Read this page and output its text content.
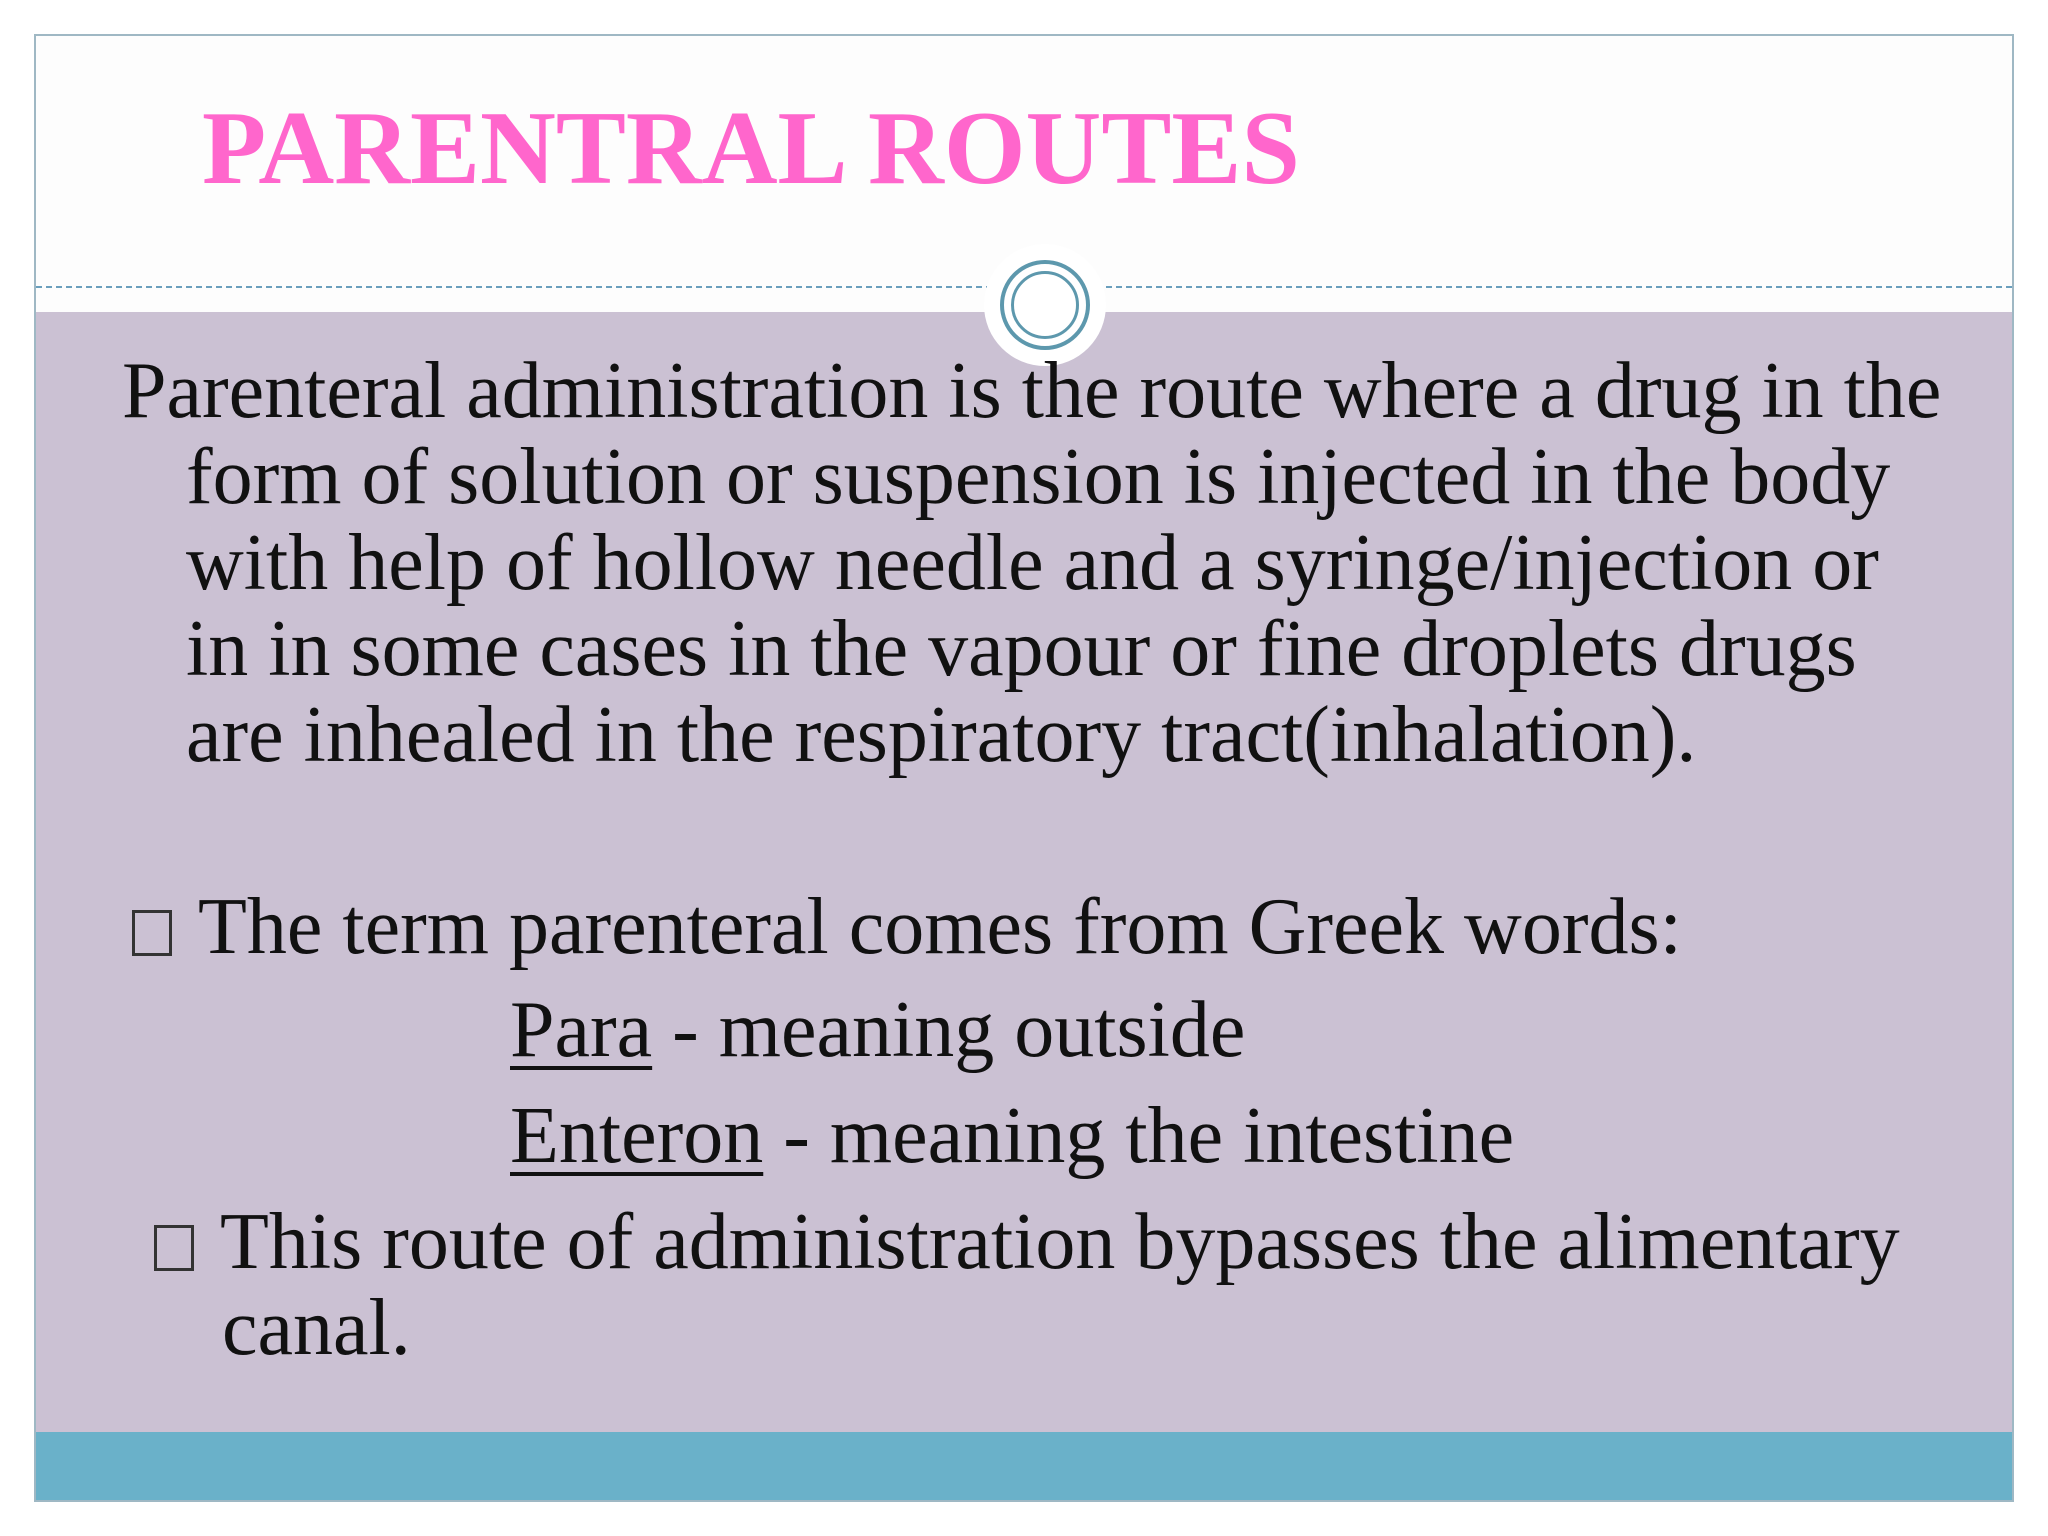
PARENTRAL ROUTES

Parenteral administration is the route where a drug in the form of solution or suspension is injected in the body with help of hollow needle and a syringe/injection or in in some cases in the vapour or fine droplets drugs are inhealed in the respiratory tract(inhalation).

The term parenteral comes from Greek words:

Para - meaning outside

Enteron - meaning the intestine

This route of administration bypasses the alimentary canal.
